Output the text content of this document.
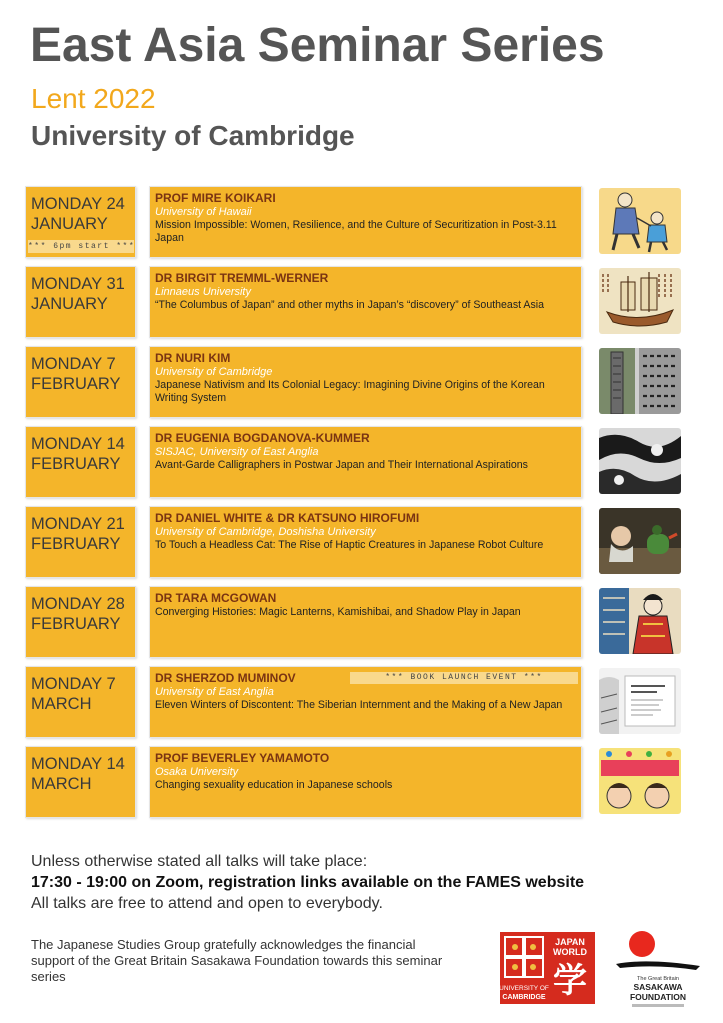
East Asia Seminar Series
Lent 2022
University of Cambridge
MONDAY 24
JANUARY
*** 6pm start ***
PROF MIRE KOIKARI
University of Hawaii
Mission Impossible: Women, Resilience, and the Culture of Securitization in Post-3.11 Japan
MONDAY 31
JANUARY
DR BIRGIT TREMML-WERNER
Linnaeus University
“The Columbus of Japan” and other myths in Japan’s “discovery” of Southeast Asia
MONDAY 7
FEBRUARY
DR NURI KIM
University of Cambridge
Japanese Nativism and Its Colonial Legacy: Imagining Divine Origins of the Korean Writing System
MONDAY 14
FEBRUARY
DR EUGENIA BOGDANOVA-KUMMER
SISJAC, University of East Anglia
Avant-Garde Calligraphers in Postwar Japan and Their International Aspirations
MONDAY 21
FEBRUARY
DR DANIEL WHITE & DR KATSUNO HIROFUMI
University of Cambridge, Doshisha University
To Touch a Headless Cat: The Rise of Haptic Creatures in Japanese Robot Culture
MONDAY 28
FEBRUARY
DR TARA MCGOWAN
Converging Histories: Magic Lanterns, Kamishibai, and Shadow Play in Japan
MONDAY 7
MARCH
DR SHERZOD MUMINOV	*** BOOK LAUNCH EVENT ***
University of East Anglia
Eleven Winters of Discontent: The Siberian Internment and the Making of a New Japan
MONDAY 14
MARCH
PROF BEVERLEY YAMAMOTO
Osaka University
Changing sexuality education in Japanese schools
Unless otherwise stated all talks will take place:
17:30 - 19:00 on Zoom, registration links available on the FAMES website
All talks are free to attend and open to everybody.
The Japanese Studies Group gratefully acknowledges the financial support of the Great Britain Sasakawa Foundation towards this seminar series
JAPAN
WORLD
学
UNIVERSITY OF
CAMBRIDGE
The Great Britain
SASAKAWA
FOUNDATION
